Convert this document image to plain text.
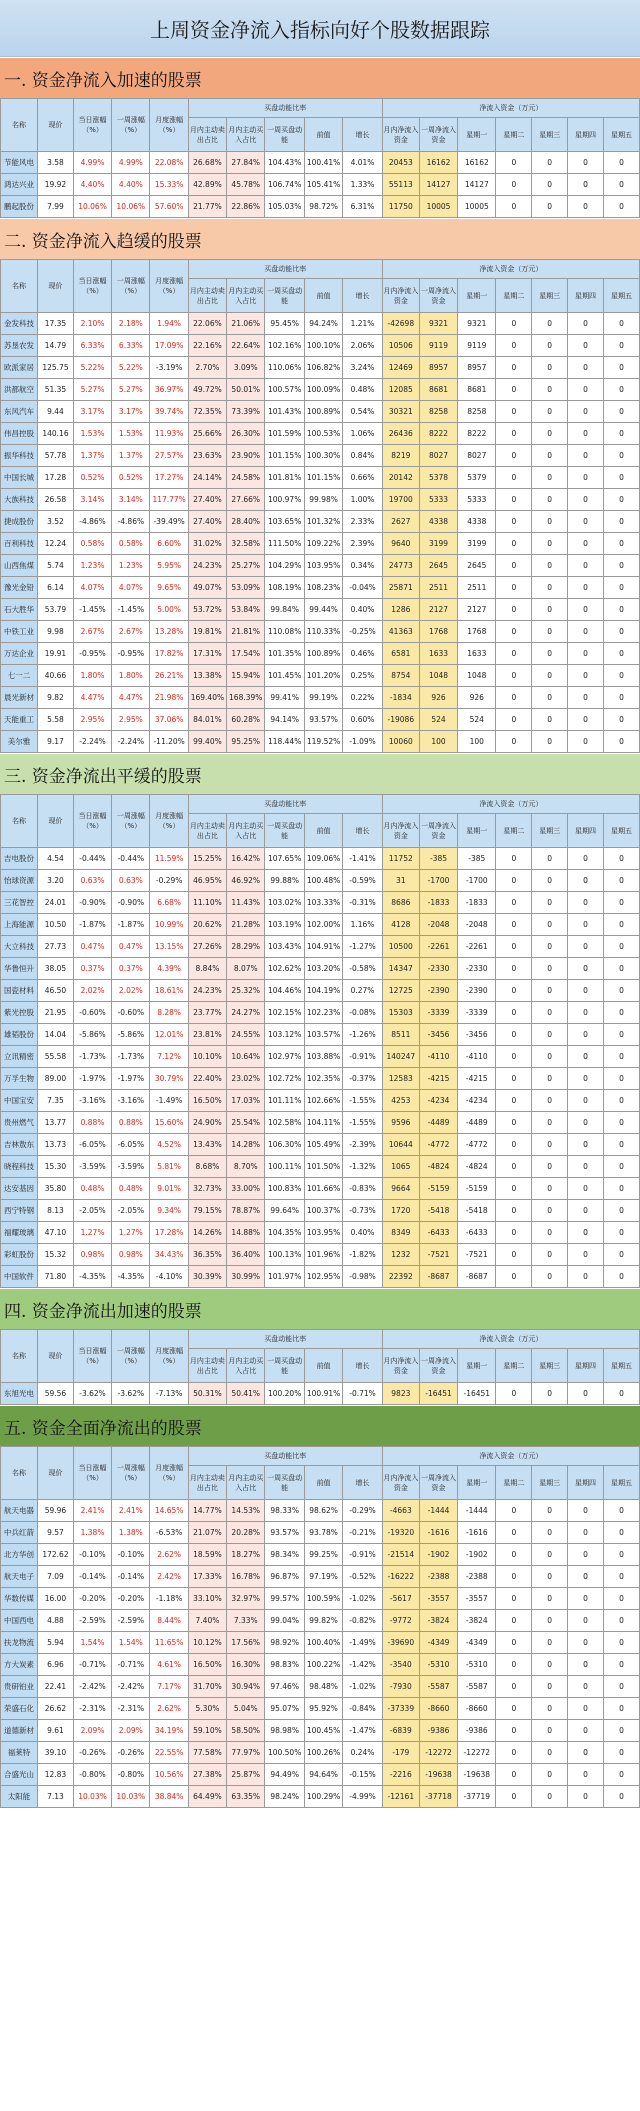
上周资金净流入指标向好个股数据跟踪
一. 资金净流入加速的股票
名称	现价	当日涨幅（%）	一周涨幅（%）	月度涨幅（%）	买盘动能比率					净流入资金（万元）						
					月内主动卖出占比	月内主动买入占比	一周买盘动能	前值	增长	月内净流入资金	一周净流入资金	星期一	星期二	星期三	星期四	星期五
节能风电	3.58	4.99%	4.99%	22.08%	26.68%	27.84%	104.43%	100.41%	4.01%	20453	16162	16162	0	0	0	0
鸿达兴业	19.92	4.40%	4.40%	15.33%	42.89%	45.78%	106.74%	105.41%	1.33%	55113	14127	14127	0	0	0	0
鹏起股份	7.99	10.06%	10.06%	57.60%	21.77%	22.86%	105.03%	98.72%	6.31%	11750	10005	10005	0	0	0	0
二. 资金净流入趋缓的股票
名称	现价	当日涨幅（%）	一周涨幅（%）	月度涨幅（%）	买盘动能比率					净流入资金（万元）						
					月内主动卖出占比	月内主动买入占比	一周买盘动能	前值	增长	月内净流入资金	一周净流入资金	星期一	星期二	星期三	星期四	星期五
金发科技	17.35	2.10%	2.18%	1.94%	22.06%	21.06%	95.45%	94.24%	1.21%	-42698	9321	9321	0	0	0	0
苏垦农发	14.79	6.33%	6.33%	17.09%	22.16%	22.64%	102.16%	100.10%	2.06%	10506	9119	9119	0	0	0	0
欧派家居	125.75	5.22%	5.22%	-3.19%	2.70%	3.09%	110.06%	106.82%	3.24%	12469	8957	8957	0	0	0	0
洪都航空	51.35	5.27%	5.27%	36.97%	49.72%	50.01%	100.57%	100.09%	0.48%	12085	8681	8681	0	0	0	0
东风汽车	9.44	3.17%	3.17%	39.74%	72.35%	73.39%	101.43%	100.89%	0.54%	30321	8258	8258	0	0	0	0
伟昌控股	140.16	1.53%	1.53%	11.93%	25.66%	26.30%	101.59%	100.53%	1.06%	26436	8222	8222	0	0	0	0
振华科技	57.78	1.37%	1.37%	27.57%	23.63%	23.90%	101.15%	100.30%	0.84%	8219	8027	8027	0	0	0	0
中国长城	17.28	0.52%	0.52%	17.27%	24.14%	24.58%	101.81%	101.15%	0.66%	20142	5378	5379	0	0	0	0
大族科技	26.58	3.14%	3.14%	117.77%	27.40%	27.66%	100.97%	99.98%	1.00%	19700	5333	5333	0	0	0	0
捷成股份	3.52	-4.86%	-4.86%	-39.49%	27.40%	28.40%	103.65%	101.32%	2.33%	2627	4338	4338	0	0	0	0
百利科技	12.24	0.58%	0.58%	6.60%	31.02%	32.58%	111.50%	109.22%	2.39%	9640	3199	3199	0	0	0	0
山西焦煤	5.74	1.23%	1.23%	5.95%	24.23%	25.27%	104.29%	103.95%	0.34%	24773	2645	2645	0	0	0	0
豫光金铅	6.14	4.07%	4.07%	9.65%	49.07%	53.09%	108.19%	108.23%	-0.04%	25871	2511	2511	0	0	0	0
石大胜华	53.79	-1.45%	-1.45%	5.00%	53.72%	53.84%	99.84%	99.44%	0.40%	1286	2127	2127	0	0	0	0
中铁工业	9.98	2.67%	2.67%	13.28%	19.81%	21.81%	110.08%	110.33%	-0.25%	41363	1768	1768	0	0	0	0
万达企业	19.91	-0.95%	-0.95%	17.82%	17.31%	17.54%	101.35%	100.89%	0.46%	6581	1633	1633	0	0	0	0
七一二	40.66	1.80%	1.80%	26.21%	13.38%	15.94%	101.45%	101.20%	0.25%	8754	1048	1048	0	0	0	0
晨光新材	9.82	4.47%	4.47%	21.98%	169.40%	168.39%	99.41%	99.19%	0.22%	-1834	926	926	0	0	0	0
天能重工	5.58	2.95%	2.95%	37.06%	84.01%	60.28%	94.14%	93.57%	0.60%	-19086	524	524	0	0	0	0
美尔雅	9.17	-2.24%	-2.24%	-11.20%	99.40%	95.25%	118.44%	119.52%	-1.09%	10060	100	100	0	0	0	0
三. 资金净流出平缓的股票
名称	现价	当日涨幅（%）	一周涨幅（%）	月度涨幅（%）	买盘动能比率					净流入资金（万元）						
					月内主动卖出占比	月内主动买入占比	一周买盘动能	前值	增长	月内净流入资金	一周净流入资金	星期一	星期二	星期三	星期四	星期五
吉电股份	4.54	-0.44%	-0.44%	11.59%	15.25%	16.42%	107.65%	109.06%	-1.41%	11752	-385	-385	0	0	0	0
怡球资源	3.20	0.63%	0.63%	-0.29%	46.95%	46.92%	99.88%	100.48%	-0.59%	31	-1700	-1700	0	0	0	0
三花智控	24.01	-0.90%	-0.90%	6.68%	11.10%	11.43%	103.02%	103.33%	-0.31%	8686	-1833	-1833	0	0	0	0
上海能源	10.50	-1.87%	-1.87%	10.99%	20.62%	21.28%	103.19%	102.00%	1.16%	4128	-2048	-2048	0	0	0	0
大立科技	27.73	0.47%	0.47%	13.15%	27.26%	28.29%	103.43%	104.91%	-1.27%	10500	-2261	-2261	0	0	0	0
华鲁恒升	38.05	0.37%	0.37%	4.39%	8.84%	8.07%	102.62%	103.20%	-0.58%	14347	-2330	-2330	0	0	0	0
国瓷材料	46.50	2.02%	2.02%	18.61%	24.23%	25.32%	104.46%	104.19%	0.27%	12725	-2390	-2390	0	0	0	0
紫光控股	21.95	-0.60%	-0.60%	8.28%	23.77%	24.27%	102.15%	102.23%	-0.08%	15303	-3339	-3339	0	0	0	0
雄韬股份	14.04	-5.86%	-5.86%	12.01%	23.81%	24.55%	103.12%	103.57%	-1.26%	8511	-3456	-3456	0	0	0	0
立讯精密	55.58	-1.73%	-1.73%	7.12%	10.10%	10.64%	102.97%	103.88%	-0.91%	140247	-4110	-4110	0	0	0	0
万孚生物	89.00	-1.97%	-1.97%	30.79%	22.40%	23.02%	102.72%	102.35%	-0.37%	12583	-4215	-4215	0	0	0	0
中国宝安	7.35	-3.16%	-3.16%	-1.49%	16.50%	17.03%	101.11%	102.66%	-1.55%	4253	-4234	-4234	0	0	0	0
贵州燃气	13.77	0.88%	0.88%	15.60%	24.90%	25.54%	102.58%	104.11%	-1.55%	9596	-4489	-4489	0	0	0	0
吉林敖东	13.73	-6.05%	-6.05%	4.52%	13.43%	14.28%	106.30%	105.49%	-2.39%	10644	-4772	-4772	0	0	0	0
晓程科技	15.30	-3.59%	-3.59%	5.81%	8.68%	8.70%	100.11%	101.50%	-1.32%	1065	-4824	-4824	0	0	0	0
达安基因	35.80	0.48%	0.48%	9.01%	32.73%	33.00%	100.83%	101.66%	-0.83%	9664	-5159	-5159	0	0	0	0
西宁特钢	8.13	-2.05%	-2.05%	9.34%	79.15%	78.87%	99.64%	100.37%	-0.73%	1720	-5418	-5418	0	0	0	0
福耀玻璃	47.10	1.27%	1.27%	17.28%	14.26%	14.88%	104.35%	103.95%	0.40%	8349	-6433	-6433	0	0	0	0
彩虹股份	15.32	0.98%	0.98%	34.43%	36.35%	36.40%	100.13%	101.96%	-1.82%	1232	-7521	-7521	0	0	0	0
中国软件	71.80	-4.35%	-4.35%	-4.10%	30.39%	30.99%	101.97%	102.95%	-0.98%	22392	-8687	-8687	0	0	0	0
四. 资金净流出加速的股票
名称	现价	当日涨幅（%）	一周涨幅（%）	月度涨幅（%）	买盘动能比率					净流入资金（万元）						
					月内主动卖出占比	月内主动买入占比	一周买盘动能	前值	增长	月内净流入资金	一周净流入资金	星期一	星期二	星期三	星期四	星期五
东旭光电	59.56	-3.62%	-3.62%	-7.13%	50.31%	50.41%	100.20%	100.91%	-0.71%	9823	-16451	-16451	0	0	0	0
五. 资金全面净流出的股票
名称	现价	当日涨幅（%）	一周涨幅（%）	月度涨幅（%）	买盘动能比率					净流入资金（万元）						
					月内主动卖出占比	月内主动买入占比	一周买盘动能	前值	增长	月内净流入资金	一周净流入资金	星期一	星期二	星期三	星期四	星期五
航天电器	59.96	2.41%	2.41%	14.65%	14.77%	14.53%	98.33%	98.62%	-0.29%	-4663	-1444	-1444	0	0	0	0
中兵红箭	9.57	1.38%	1.38%	-6.53%	21.07%	20.28%	93.57%	93.78%	-0.21%	-19320	-1616	-1616	0	0	0	0
北方华创	172.62	-0.10%	-0.10%	2.62%	18.59%	18.27%	98.34%	99.25%	-0.91%	-21514	-1902	-1902	0	0	0	0
航天电子	7.09	-0.14%	-0.14%	2.42%	17.33%	16.78%	96.87%	97.19%	-0.52%	-16222	-2388	-2388	0	0	0	0
华数传媒	16.00	-0.20%	-0.20%	-1.18%	33.10%	32.97%	99.57%	100.59%	-1.02%	-5617	-3557	-3557	0	0	0	0
中国西电	4.88	-2.59%	-2.59%	8.44%	7.40%	7.33%	99.04%	99.82%	-0.82%	-9772	-3824	-3824	0	0	0	0
扶龙物流	5.94	1.54%	1.54%	11.65%	10.12%	17.56%	98.92%	100.40%	-1.49%	-39690	-4349	-4349	0	0	0	0
方大炭素	6.96	-0.71%	-0.71%	4.61%	16.50%	16.30%	98.83%	100.22%	-1.42%	-3540	-5310	-5310	0	0	0	0
贵研铂业	22.41	-2.42%	-2.42%	7.17%	31.70%	30.94%	97.46%	98.48%	-1.02%	-7930	-5587	-5587	0	0	0	0
荣盛石化	26.62	-2.31%	-2.31%	2.62%	5.30%	5.04%	95.07%	95.92%	-0.84%	-37339	-8660	-8660	0	0	0	0
道德新材	9.61	2.09%	2.09%	34.19%	59.10%	58.50%	98.98%	100.45%	-1.47%	-6839	-9386	-9386	0	0	0	0
福莱特	39.10	-0.26%	-0.26%	22.55%	77.58%	77.97%	100.50%	100.26%	0.24%	-179	-12272	-12272	0	0	0	0
合盛光山	12.83	-0.80%	-0.80%	10.56%	27.38%	25.87%	94.49%	94.64%	-0.15%	-2216	-19638	-19638	0	0	0	0
太阳能	7.13	10.03%	10.03%	38.84%	64.49%	63.35%	98.24%	100.29%	-4.99%	-12161	-37718	-37719	0	0	0	0
